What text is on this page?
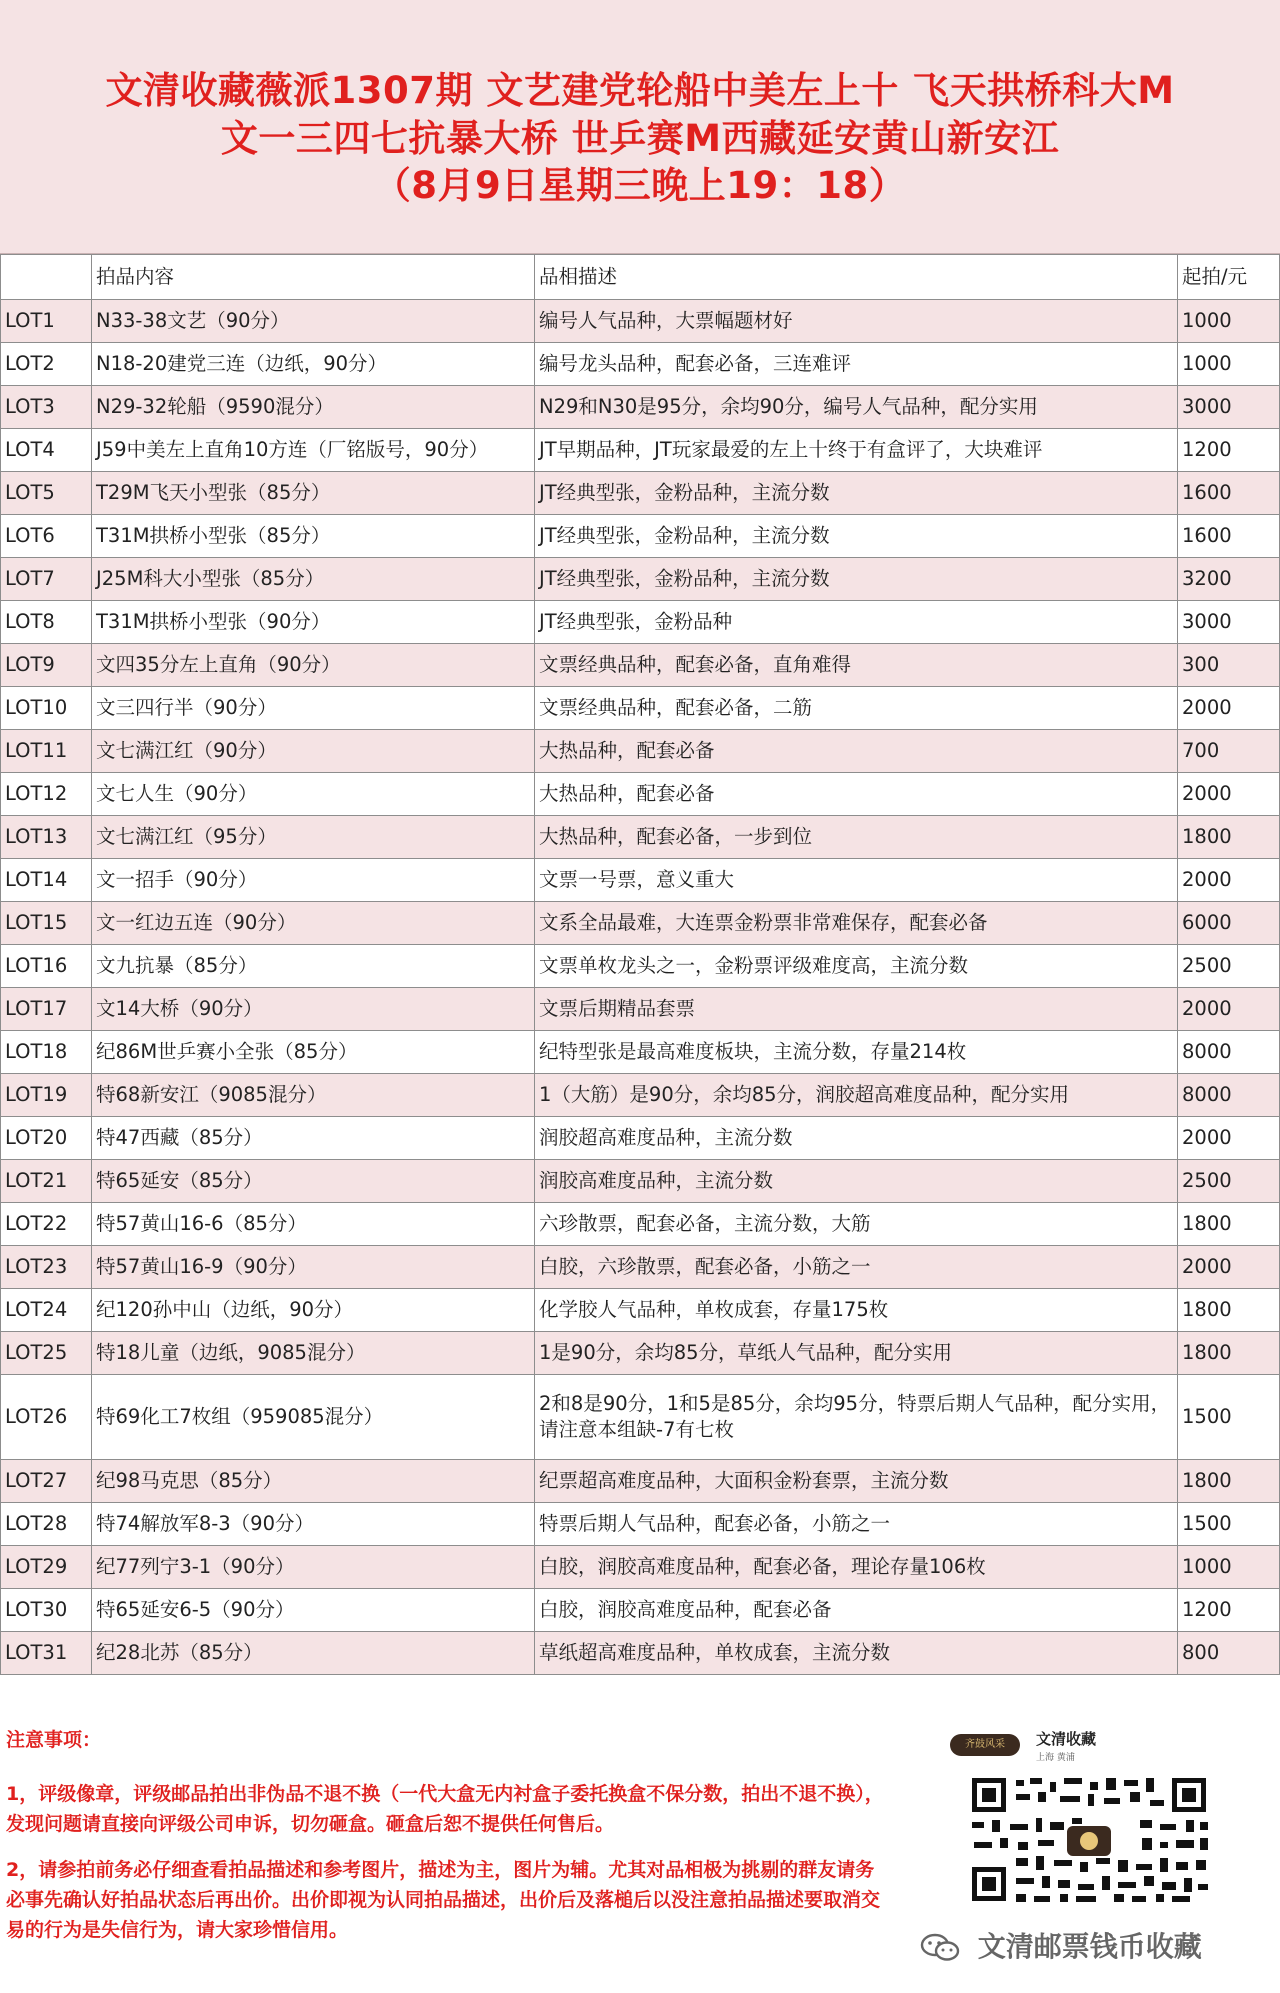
文清收藏薇派1307期 文艺建党轮船中美左上十 飞天拱桥科大M
文一三四七抗暴大桥 世乒赛M西藏延安黄山新安江
（8月9日星期三晚上19：18）
	拍品内容	品相描述	起拍/元
LOT1	N33-38文艺（90分）	编号人气品种，大票幅题材好	1000
LOT2	N18-20建党三连（边纸，90分）	编号龙头品种，配套必备，三连难评	1000
LOT3	N29-32轮船（9590混分）	N29和N30是95分，余均90分，编号人气品种，配分实用	3000
LOT4	J59中美左上直角10方连（厂铭版号，90分）	JT早期品种，JT玩家最爱的左上十终于有盒评了，大块难评	1200
LOT5	T29M飞天小型张（85分）	JT经典型张，金粉品种，主流分数	1600
LOT6	T31M拱桥小型张（85分）	JT经典型张，金粉品种，主流分数	1600
LOT7	J25M科大小型张（85分）	JT经典型张，金粉品种，主流分数	3200
LOT8	T31M拱桥小型张（90分）	JT经典型张，金粉品种	3000
LOT9	文四35分左上直角（90分）	文票经典品种，配套必备，直角难得	300
LOT10	文三四行半（90分）	文票经典品种，配套必备，二筋	2000
LOT11	文七满江红（90分）	大热品种，配套必备	700
LOT12	文七人生（90分）	大热品种，配套必备	2000
LOT13	文七满江红（95分）	大热品种，配套必备，一步到位	1800
LOT14	文一招手（90分）	文票一号票，意义重大	2000
LOT15	文一红边五连（90分）	文系全品最难，大连票金粉票非常难保存，配套必备	6000
LOT16	文九抗暴（85分）	文票单枚龙头之一，金粉票评级难度高，主流分数	2500
LOT17	文14大桥（90分）	文票后期精品套票	2000
LOT18	纪86M世乒赛小全张（85分）	纪特型张是最高难度板块，主流分数，存量214枚	8000
LOT19	特68新安江（9085混分）	1（大筋）是90分，余均85分，润胶超高难度品种，配分实用	8000
LOT20	特47西藏（85分）	润胶超高难度品种，主流分数	2000
LOT21	特65延安（85分）	润胶高难度品种，主流分数	2500
LOT22	特57黄山16-6（85分）	六珍散票，配套必备，主流分数，大筋	1800
LOT23	特57黄山16-9（90分）	白胶，六珍散票，配套必备，小筋之一	2000
LOT24	纪120孙中山（边纸，90分）	化学胶人气品种，单枚成套，存量175枚	1800
LOT25	特18儿童（边纸，9085混分）	1是90分，余均85分，草纸人气品种，配分实用	1800
LOT26	特69化工7枚组（959085混分）	2和8是90分，1和5是85分，余均95分，特票后期人气品种，配分实用，请注意本组缺-7有七枚	1500
LOT27	纪98马克思（85分）	纪票超高难度品种，大面积金粉套票，主流分数	1800
LOT28	特74解放军8-3（90分）	特票后期人气品种，配套必备，小筋之一	1500
LOT29	纪77列宁3-1（90分）	白胶，润胶高难度品种，配套必备，理论存量106枚	1000
LOT30	特65延安6-5（90分）	白胶，润胶高难度品种，配套必备	1200
LOT31	纪28北苏（85分）	草纸超高难度品种，单枚成套，主流分数	800

注意事项：

1，评级像章，评级邮品拍出非伪品不退不换（一代大盒无内衬盒子委托换盒不保分数，拍出不退不换），发现问题请直接向评级公司申诉，切勿砸盒。砸盒后恕不提供任何售后。

2，请参拍前务必仔细查看拍品描述和参考图片，描述为主，图片为辅。尤其对品相极为挑剔的群友请务必事先确认好拍品状态后再出价。出价即视为认同拍品描述，出价后及落槌后以没注意拍品描述要取消交易的行为是失信行为，请大家珍惜信用。

齐鼓风采	文清收藏
上海 黄浦
文清邮票钱币收藏
